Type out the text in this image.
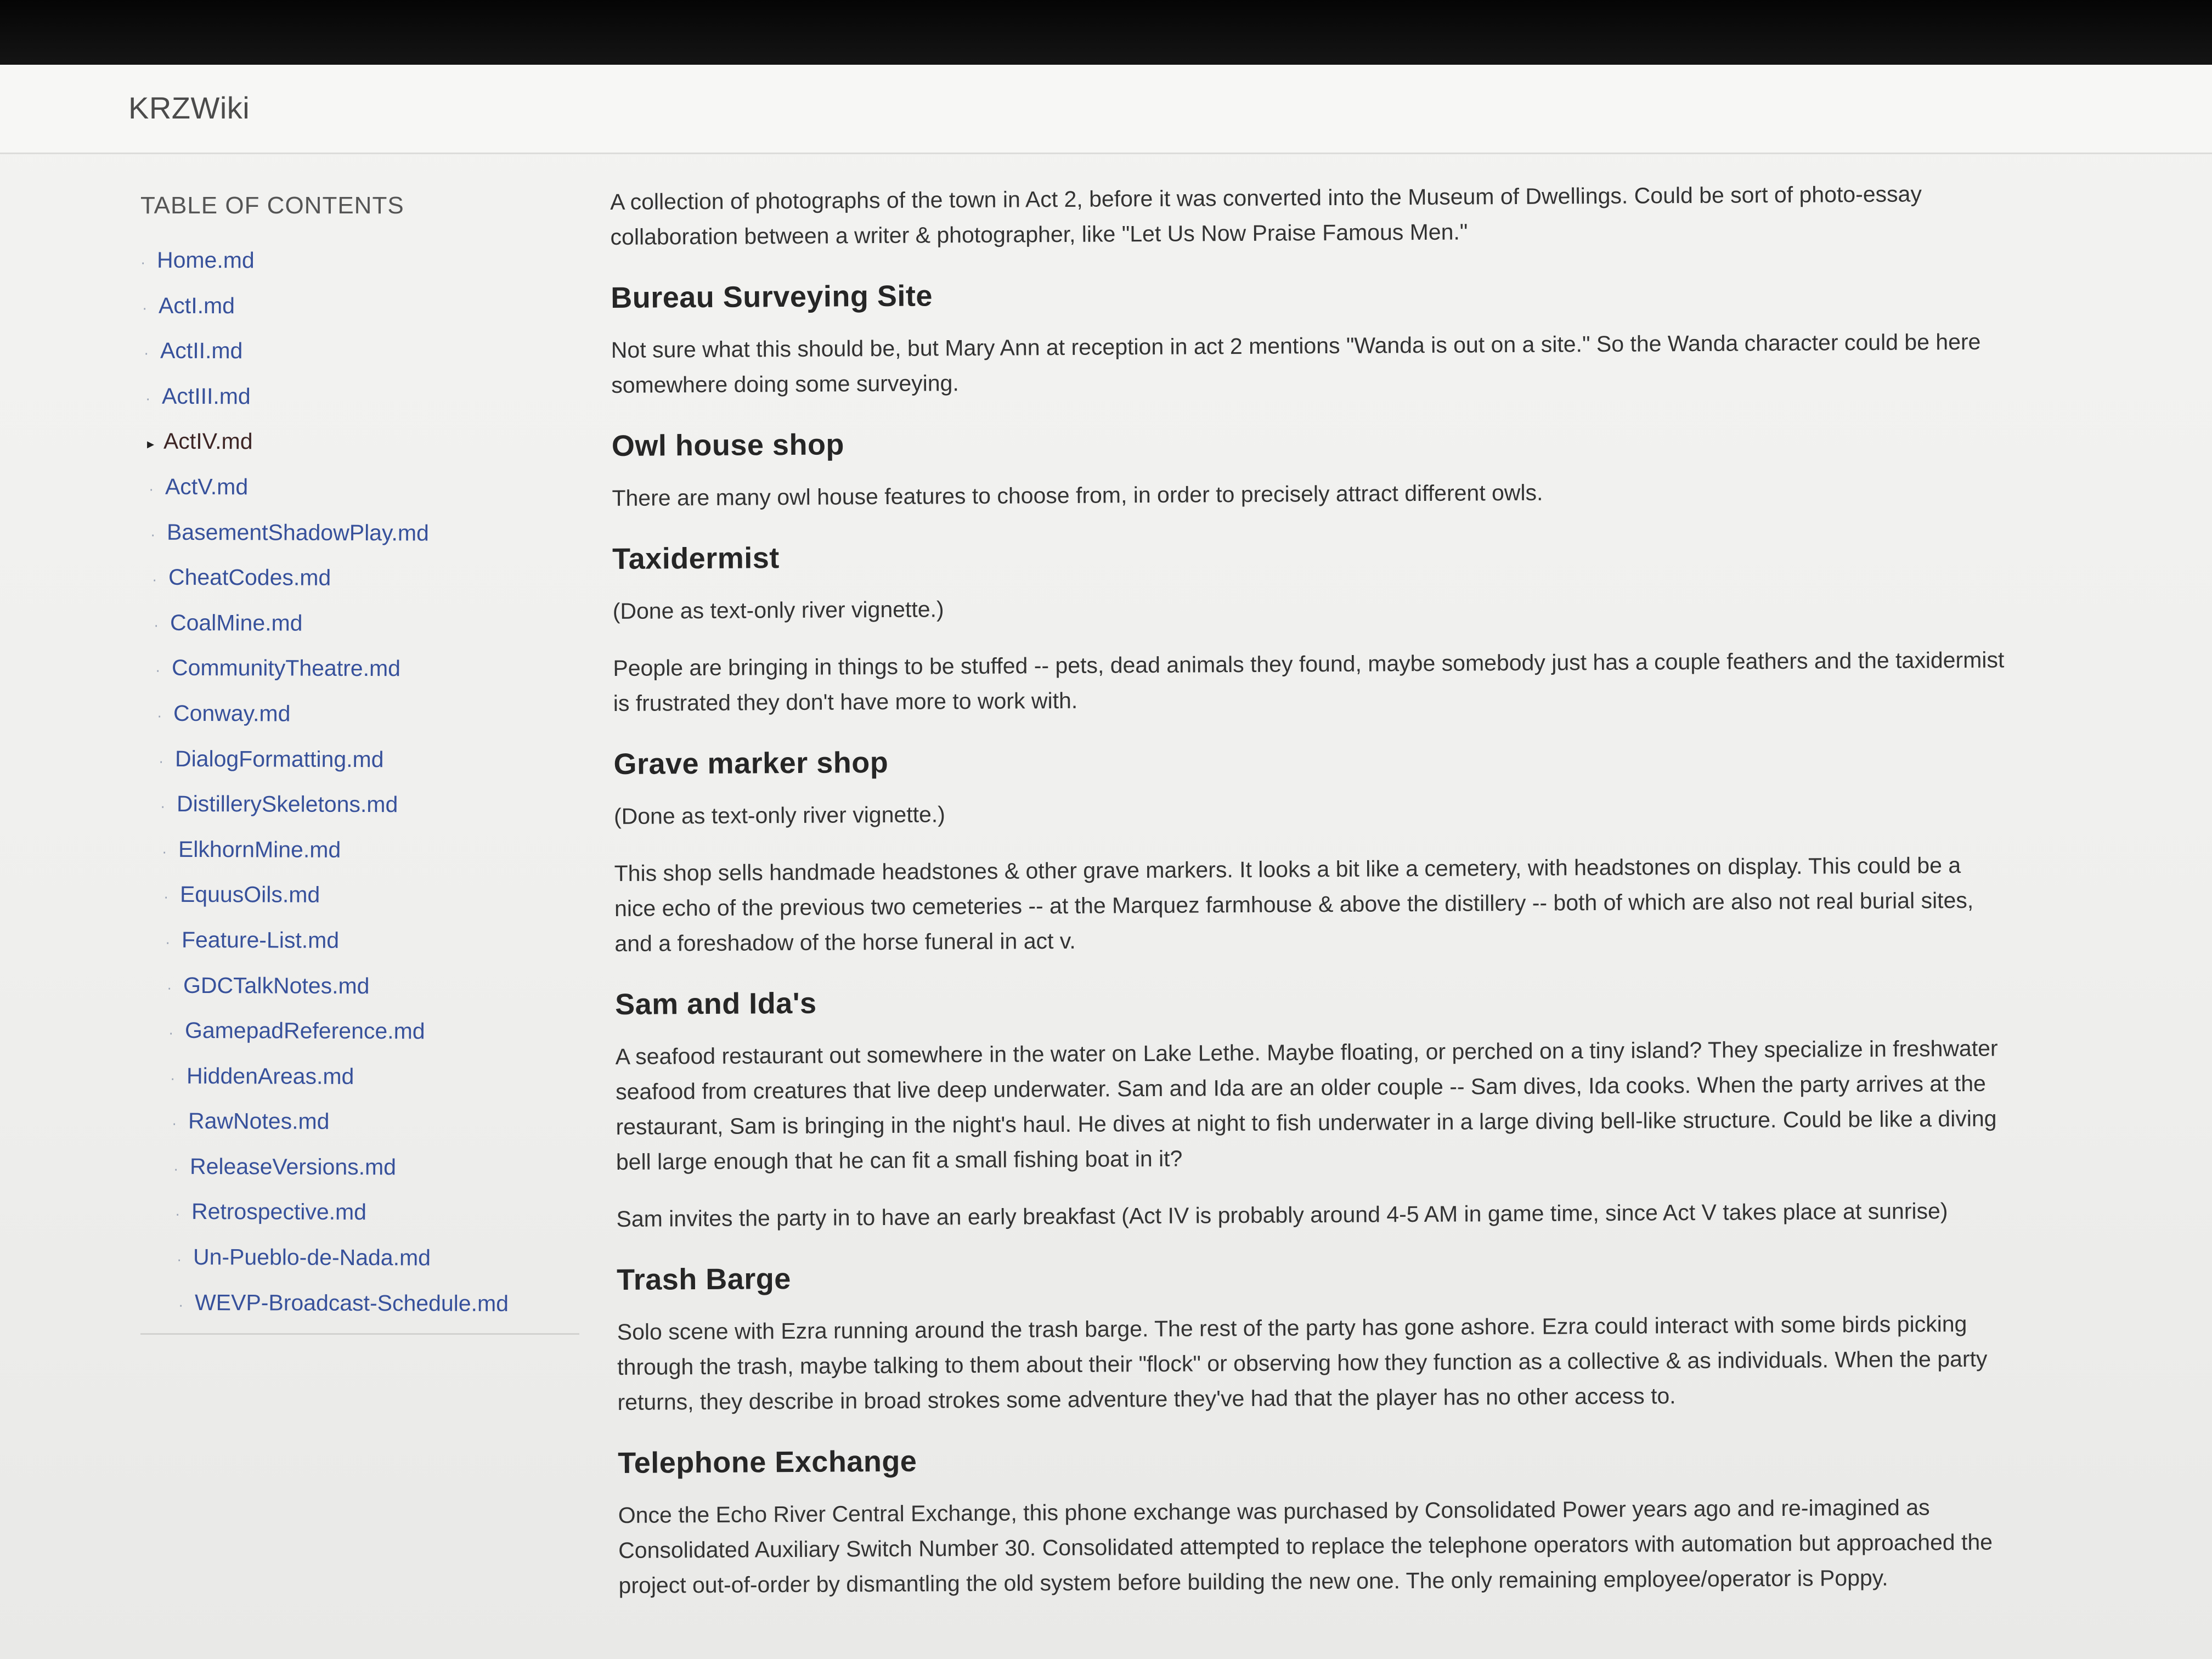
KRZWiki
TABLE OF CONTENTS
· Home.md
· ActI.md
· ActII.md
· ActIII.md
▸ ActIV.md
· ActV.md
· BasementShadowPlay.md
· CheatCodes.md
· CoalMine.md
· CommunityTheatre.md
· Conway.md
· DialogFormatting.md
· DistillerySkeletons.md
· ElkhornMine.md
· EquusOils.md
· Feature-List.md
· GDCTalkNotes.md
· GamepadReference.md
· HiddenAreas.md
· RawNotes.md
· ReleaseVersions.md
· Retrospective.md
· Un-Pueblo-de-Nada.md
· WEVP-Broadcast-Schedule.md

A collection of photographs of the town in Act 2, before it was converted into the Museum of Dwellings. Could be sort of photo-essay collaboration between a writer & photographer, like "Let Us Now Praise Famous Men."

Bureau Surveying Site

Not sure what this should be, but Mary Ann at reception in act 2 mentions "Wanda is out on a site." So the Wanda character could be here somewhere doing some surveying.

Owl house shop

There are many owl house features to choose from, in order to precisely attract different owls.

Taxidermist

(Done as text-only river vignette.)

People are bringing in things to be stuffed -- pets, dead animals they found, maybe somebody just has a couple feathers and the taxidermist is frustrated they don't have more to work with.

Grave marker shop

(Done as text-only river vignette.)

This shop sells handmade headstones & other grave markers. It looks a bit like a cemetery, with headstones on display. This could be a nice echo of the previous two cemeteries -- at the Marquez farmhouse & above the distillery -- both of which are also not real burial sites, and a foreshadow of the horse funeral in act v.

Sam and Ida's

A seafood restaurant out somewhere in the water on Lake Lethe. Maybe floating, or perched on a tiny island? They specialize in freshwater seafood from creatures that live deep underwater. Sam and Ida are an older couple -- Sam dives, Ida cooks. When the party arrives at the restaurant, Sam is bringing in the night's haul. He dives at night to fish underwater in a large diving bell-like structure. Could be like a diving bell large enough that he can fit a small fishing boat in it?

Sam invites the party in to have an early breakfast (Act IV is probably around 4-5 AM in game time, since Act V takes place at sunrise)

Trash Barge

Solo scene with Ezra running around the trash barge. The rest of the party has gone ashore. Ezra could interact with some birds picking through the trash, maybe talking to them about their "flock" or observing how they function as a collective & as individuals. When the party returns, they describe in broad strokes some adventure they've had that the player has no other access to.

Telephone Exchange

Once the Echo River Central Exchange, this phone exchange was purchased by Consolidated Power years ago and re-imagined as Consolidated Auxiliary Switch Number 30. Consolidated attempted to replace the telephone operators with automation but approached the project out-of-order by dismantling the old system before building the new one. The only remaining employee/operator is Poppy.
